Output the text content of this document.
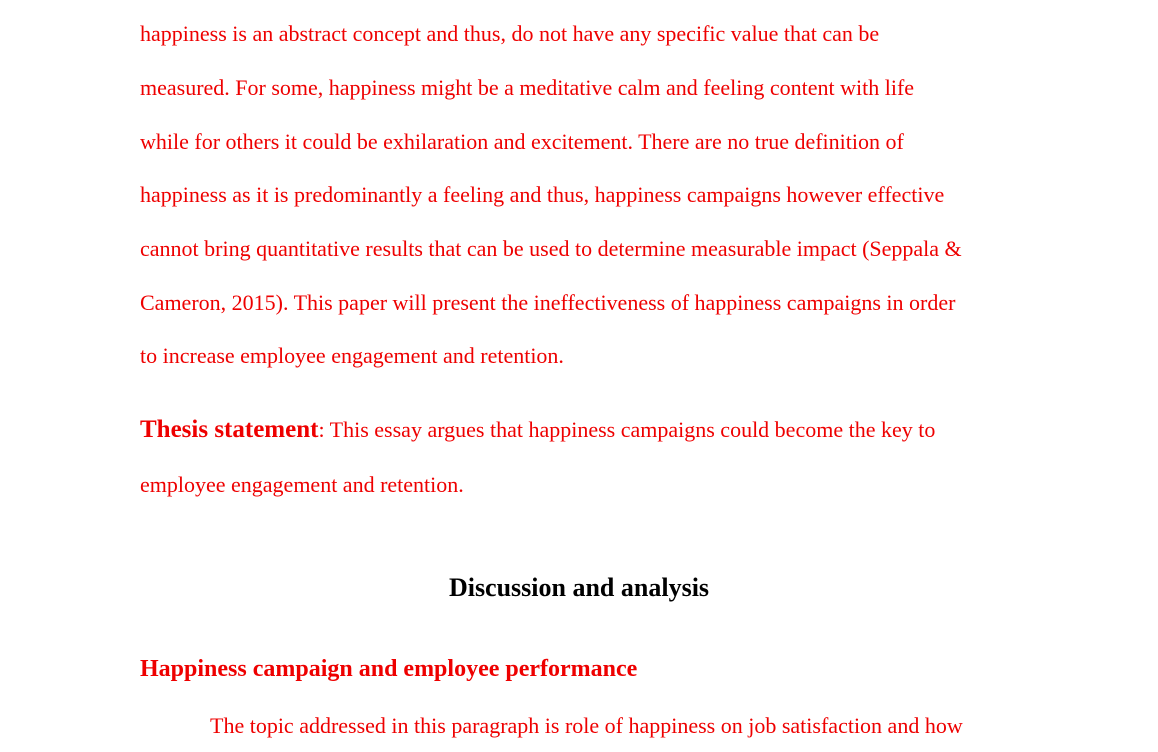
happiness is an abstract concept and thus, do not have any specific value that can be
measured. For some, happiness might be a meditative calm and feeling content with life
while for others it could be exhilaration and excitement. There are no true definition of
happiness as it is predominantly a feeling and thus, happiness campaigns however effective
cannot bring quantitative results that can be used to determine measurable impact (Seppala &
Cameron, 2015). This paper will present the ineffectiveness of happiness campaigns in order
to increase employee engagement and retention.
Thesis statement: This essay argues that happiness campaigns could become the key to
employee engagement and retention.
Discussion and analysis
Happiness campaign and employee performance
The topic addressed in this paragraph is role of happiness on job satisfaction and how
